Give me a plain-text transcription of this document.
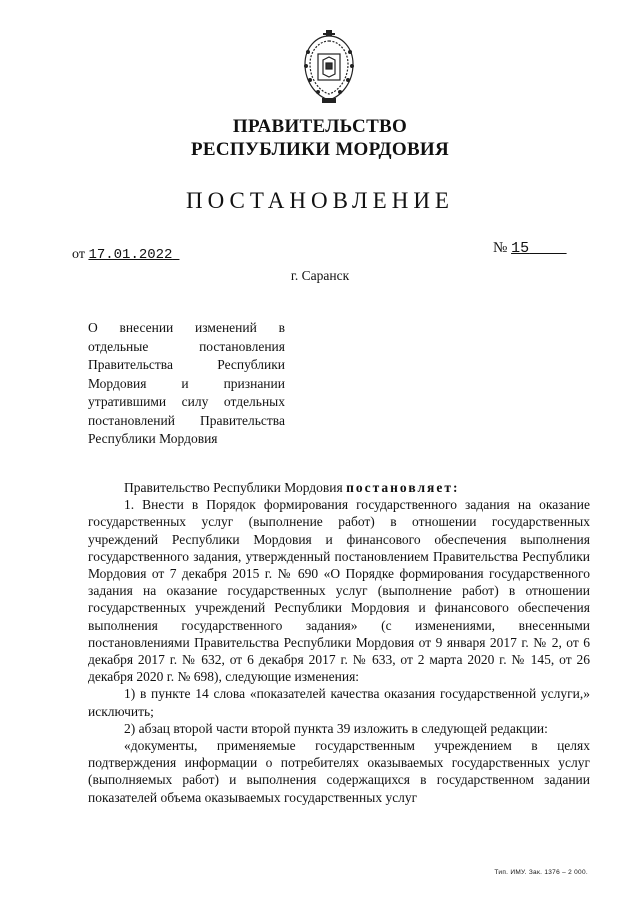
ПРАВИТЕЛЬСТВО
РЕСПУБЛИКИ МОРДОВИЯ
ПОСТАНОВЛЕНИЕ
от 17.01.2022	№ 15
г. Саранск
О внесении изменений в отдельные постановления Правительства Республики Мордовия и признании утратившими силу отдельных постановлений Правительства Республики Мордовия

Правительство Республики Мордовия постановляет:

1. Внести в Порядок формирования государственного задания на оказание государственных услуг (выполнение работ) в отношении государственных учреждений Республики Мордовия и финансового обеспечения выполнения государственного задания, утвержденный постановлением Правительства Республики Мордовия от 7 декабря 2015 г. № 690 «О Порядке формирования государственного задания на оказание государственных услуг (выполнение работ) в отношении государственных учреждений Республики Мордовия и финансового обеспечения выполнения государственного задания» (с изменениями, внесенными постановлениями Правительства Республики Мордовия от 9 января 2017 г. № 2, от 6 декабря 2017 г. № 632, от 6 декабря 2017 г. № 633, от 2 марта 2020 г. № 145, от 26 декабря 2020 г. № 698), следующие изменения:

1) в пункте 14 слова «показателей качества оказания государственной услуги,» исключить;

2) абзац второй части второй пункта 39 изложить в следующей редакции:

«документы, применяемые государственным учреждением в целях подтверждения информации о потребителях оказываемых государственных услуг (выполняемых работ) и выполнения содержащихся в государственном задании показателей объема оказываемых государственных услуг

Тип. ИМУ. Зак. 1376 – 2 000.
